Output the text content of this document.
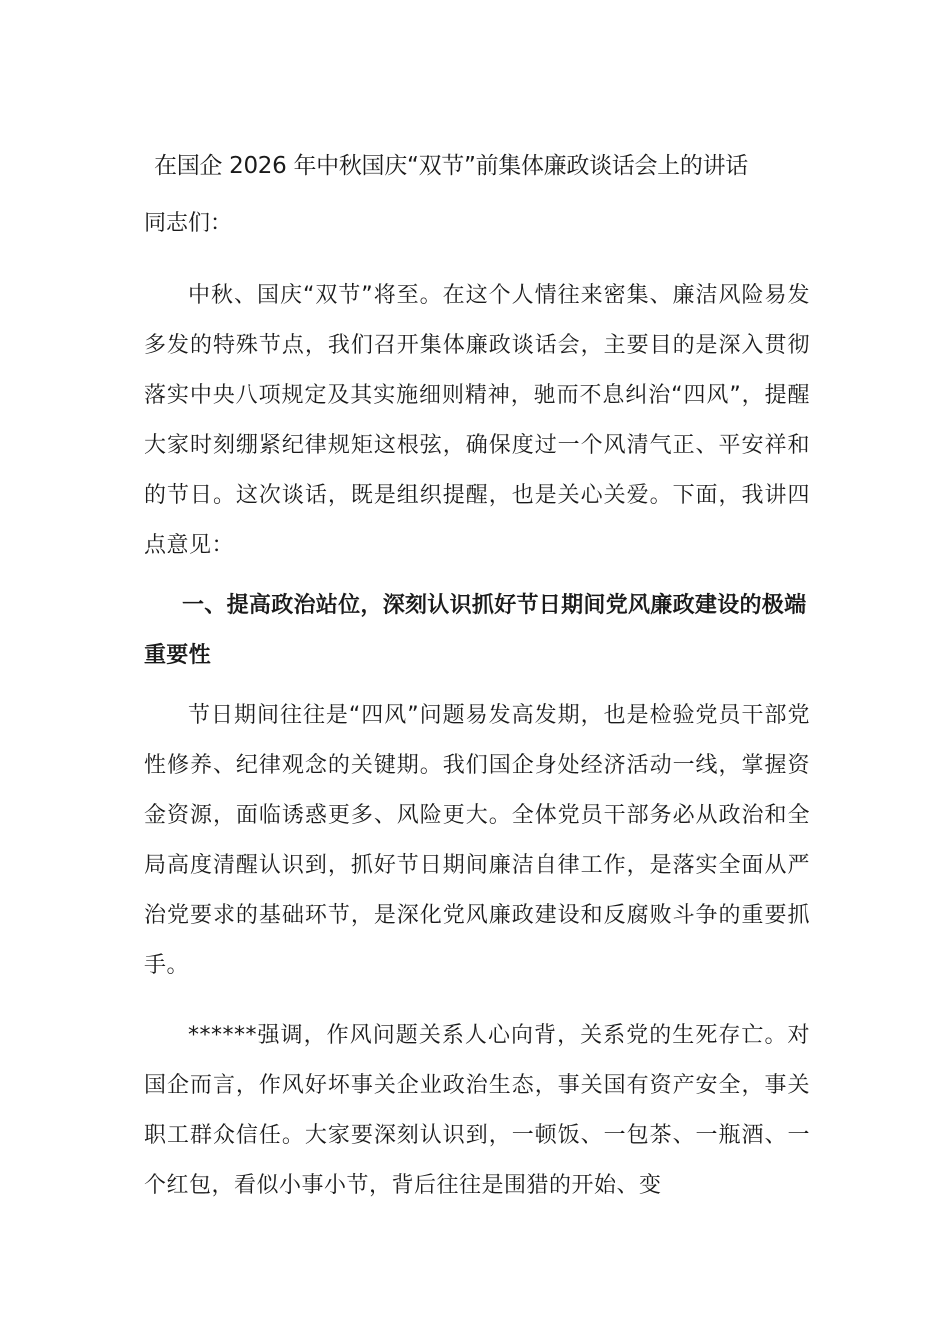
在国企 2026 年中秋国庆“双节”前集体廉政谈话会上的讲话

同志们：

中秋、国庆“双节”将至。在这个人情往来密集、廉洁风险易发多发的特殊节点，我们召开集体廉政谈话会，主要目的是深入贯彻落实中央八项规定及其实施细则精神，驰而不息纠治“四风”，提醒大家时刻绷紧纪律规矩这根弦，确保度过一个风清气正、平安祥和的节日。这次谈话，既是组织提醒，也是关心关爱。下面，我讲四点意见：

一、提高政治站位，深刻认识抓好节日期间党风廉政建设的极端重要性

节日期间往往是“四风”问题易发高发期，也是检验党员干部党性修养、纪律观念的关键期。我们国企身处经济活动一线，掌握资金资源，面临诱惑更多、风险更大。全体党员干部务必从政治和全局高度清醒认识到，抓好节日期间廉洁自律工作，是落实全面从严治党要求的基础环节，是深化党风廉政建设和反腐败斗争的重要抓手。

******强调，作风问题关系人心向背，关系党的生死存亡。对国企而言，作风好坏事关企业政治生态，事关国有资产安全，事关职工群众信任。大家要深刻认识到，一顿饭、一包茶、一瓶酒、一个红包，看似小事小节，背后往往是围猎的开始、变
